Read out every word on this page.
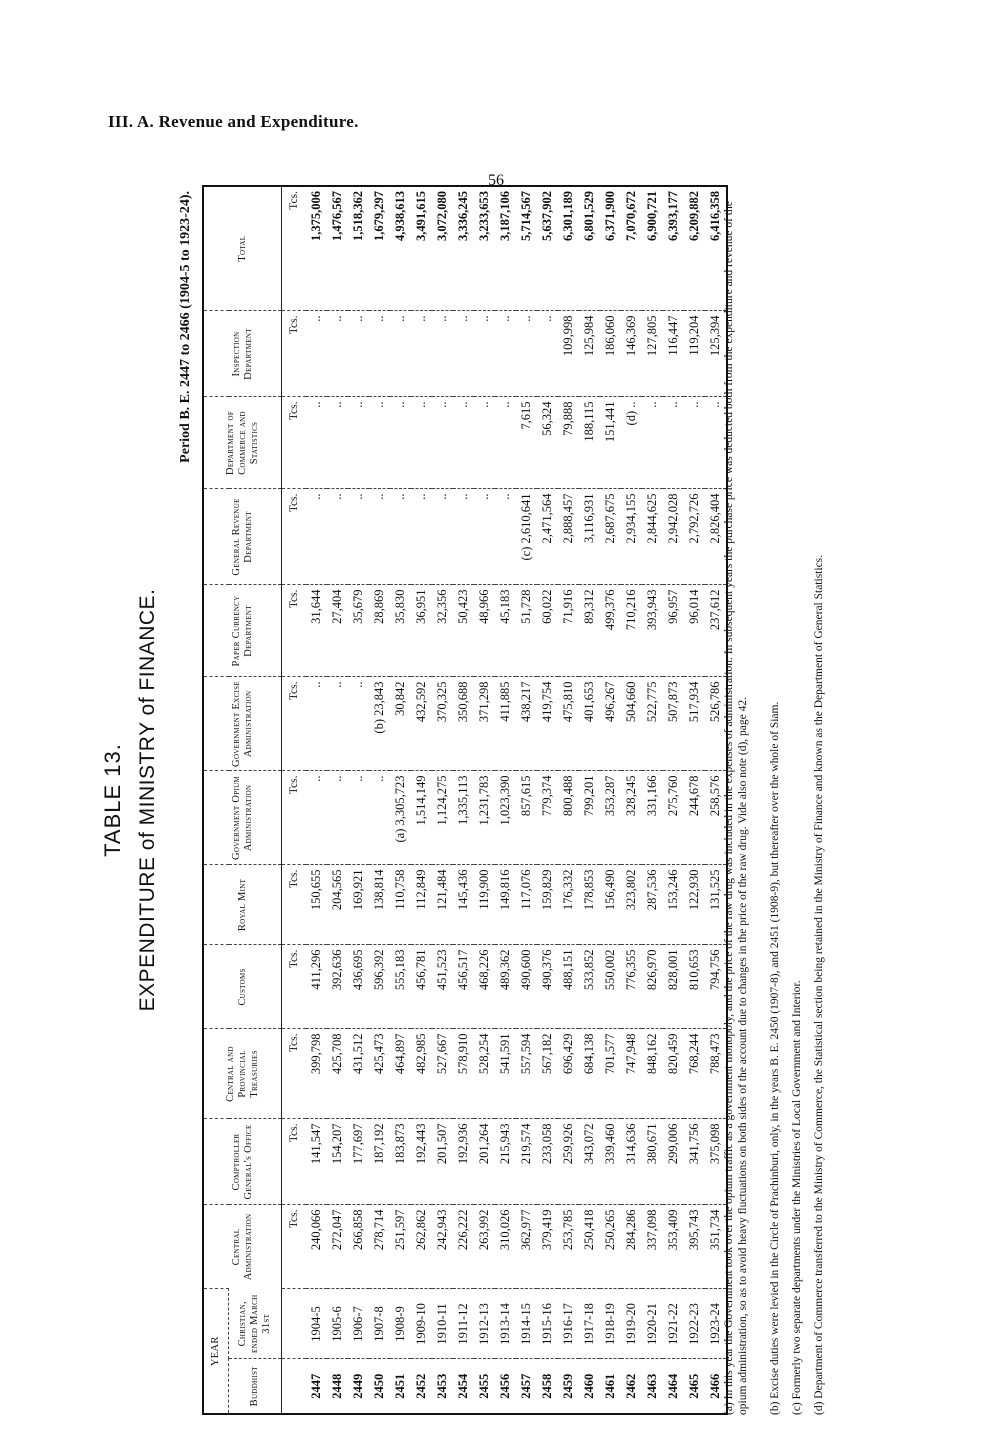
III. A. Revenue and Expenditure.
56
TABLE 13. EXPENDITURE of MINISTRY of FINANCE.
Period B. E. 2447 to 2466 (1904-5 to 1923-24).
YEAR		Central Administration	Comptroller General's Office	Central and Provincial Treasuries	Customs	Royal Mint	Government Opium Administration	Government Excise Administration	Paper Currency Department	General Revenue Department	Department of Commerce and Statistics	Inspection Department	Total
Buddhist	Christian, ended March 31st												
		Tcs.	Tcs.	Tcs.	Tcs.	Tcs.	Tcs.	Tcs.	Tcs.	Tcs.	Tcs.	Tcs.	Tcs.
2447	1904-5	240,066	141,547	399,798	411,296	150,655	..	..	31,644	..	..	..	1,375,006
2448	1905-6	272,047	154,207	425,708	392,636	204,565	..	..	27,404	..	..	..	1,476,567
2449	1906-7	266,858	177,697	431,512	436,695	169,921	..	..	35,679	..	..	..	1,518,362
2450	1907-8	278,714	187,192	425,473	596,392	138,814	..	(b) 23,843	28,869	..	..	..	1,679,297
2451	1908-9	251,597	183,873	464,897	555,183	110,758	(a) 3,305,723	30,842	35,830	..	..	..	4,938,613
2452	1909-10	262,862	192,443	482,985	456,781	112,849	1,514,149	432,592	36,951	..	..	..	3,491,615
2453	1910-11	242,943	201,507	527,667	451,523	121,484	1,124,275	370,325	32,356	..	..	..	3,072,080
2454	1911-12	226,222	192,936	578,910	456,517	145,436	1,335,113	350,688	50,423	..	..	..	3,336,245
2455	1912-13	263,992	201,264	528,254	468,226	119,900	1,231,783	371,298	48,966	..	..	..	3,233,653
2456	1913-14	310,026	215,943	541,591	489,362	149,816	1,023,390	411,885	45,183	..	..	..	3,187,106
2457	1914-15	362,977	219,574	557,594	490,600	117,076	857,615	438,217	51,728	(c) 2,610,641	7,615	..	5,714,567
2458	1915-16	379,419	233,058	567,182	490,376	159,829	779,374	419,754	60,022	2,471,564	56,324	..	5,637,902
2459	1916-17	253,785	259,926	696,429	488,151	176,332	800,488	475,810	71,916	2,888,457	79,888	109,998	6,301,189
2460	1917-18	250,418	343,072	684,138	533,852	178,853	799,201	401,653	89,312	3,116,931	188,115	125,984	6,801,529
2461	1918-19	250,265	339,460	701,577	550,002	156,490	353,287	496,267	499,376	2,687,675	151,441	186,060	6,371,900
2462	1919-20	284,286	314,636	747,948	776,355	323,802	328,245	504,660	710,216	2,934,155	(d) ..	146,369	7,070,672
2463	1920-21	337,098	380,671	848,162	826,970	287,536	331,166	522,775	393,943	2,844,625	..	127,805	6,900,721
2464	1921-22	353,409	299,006	820,459	828,001	153,246	275,760	507,873	96,957	2,942,028	..	116,447	6,393,177
2465	1922-23	395,743	341,756	768,244	810,653	122,930	244,678	517,934	96,014	2,792,726	..	119,204	6,209,882
2466	1923-24	351,734	375,098	788,473	794,756	131,525	258,576	526,786	237,612	2,826,404	..	125,394	6,416,358 (a) In this year the Government took over the opium traffic as a government monopoly, and the price of the raw drug was included in the expenses of administration. In subsequent years the purchase price was deducted both from the expenditure and revenue of the opium administration, so as to avoid heavy fluctuations on both sides of the account due to changes in the price of the raw drug. Vide also note (d), page 42. (b) Excise duties were levied in the Circle of Prachinburi, only, in the years B. E. 2450 (1907-8), and 2451 (1908-9), but thereafter over the whole of Siam. (c) Formerly two separate departments under the Ministries of Local Government and Interior. (d) Department of Commerce transferred to the Ministry of Commerce, the Statistical section being retained in the Ministry of Finance and known as the Department of General Statistics.
